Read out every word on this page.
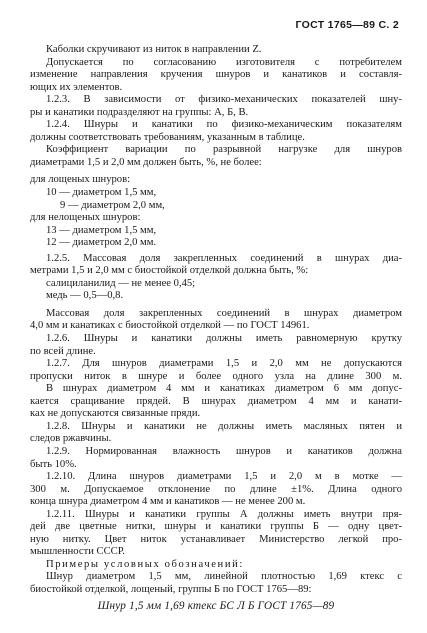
ГОСТ 1765—89 С. 2
Каболки скручивают из ниток в направлении Z.
Допускается по согласованию изготовителя с потребителем
изменение направления кручения шнуров и канатиков и составля-
ющих их элементов.
1.2.3. В зависимости от физико-механических показателей шну-
ры и канатики подразделяют на группы: А, Б, В.
1.2.4. Шнуры и канатики по физико-механическим показателям
должны соответствовать требованиям, указанным в таблице.
Коэффициент вариации по разрывной нагрузке для шнуров
диаметрами 1,5 и 2,0 мм должен быть, %, не более:
для лощеных шнуров:
10 — диаметром 1,5 мм,
9 — диаметром 2,0 мм,
для нелощеных шнуров:
13 — диаметром 1,5 мм,
12 — диаметром 2,0 мм.
1.2.5. Массовая доля закрепленных соединений в шнурах диа-
метрами 1,5 и 2,0 мм с биостойкой отделкой должна быть, %:
салициланилид — не менее 0,45;
медь — 0,5—0,8.
Массовая доля закрепленных соединений в шнурах диаметром
4,0 мм и канатиках с биостойкой отделкой — по ГОСТ 14961.
1.2.6. Шнуры и канатики должны иметь равномерную крутку
по всей длине.
1.2.7. Для шнуров диаметрами 1,5 и 2,0 мм не допускаются
пропуски ниток в шнуре и более одного узла на длине 300 м.
В шнурах диаметром 4 мм и канатиках диаметром 6 мм допус-
кается сращивание прядей. В шнурах диаметром 4 мм и канати-
ках не допускаются связанные пряди.
1.2.8. Шнуры и канатики не должны иметь масляных пятен и
следов ржавчины.
1.2.9. Нормированная влажность шнуров и канатиков должна
быть 10%.
1.2.10. Длина шнуров диаметрами 1,5 и 2,0 м в мотке —
300 м. Допускаемое отклонение по длине ±1%. Длина одного
конца шнура диаметром 4 мм и канатиков — не менее 200 м.
1.2.11. Шнуры и канатики группы А должны иметь внутри пря-
дей две цветные нитки, шнуры и канатики группы Б — одну цвет-
ную нитку. Цвет ниток устанавливает Министерство легкой про-
мышленности СССР.
Примеры условных обозначений:
Шнур диаметром 1,5 мм, линейной плотностью 1,69 ктекс с
биостойкой отделкой, лощеный, группы Б по ГОСТ 1765—89:
Шнур 1,5 мм 1,69 ктекс БС Л Б ГОСТ 1765—89
